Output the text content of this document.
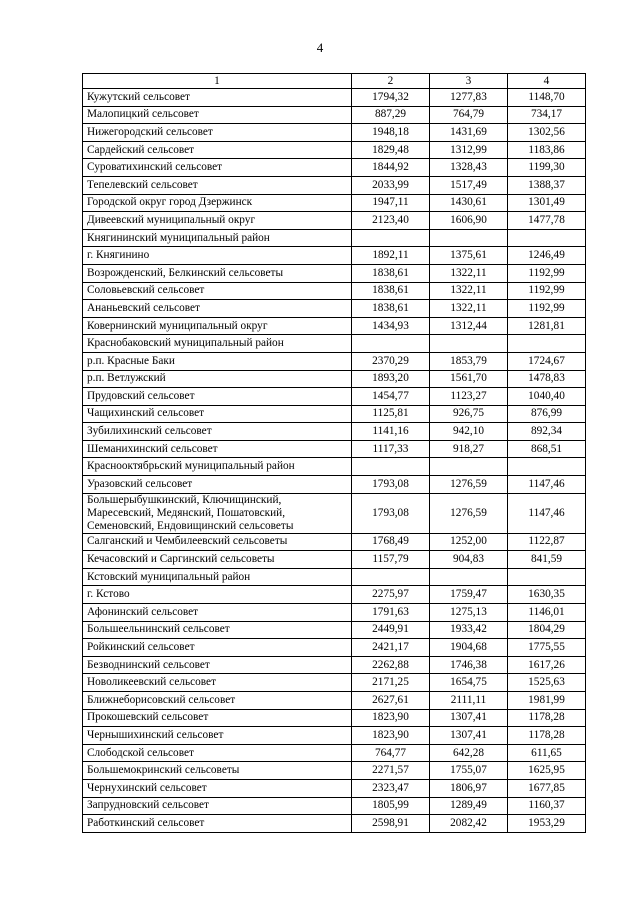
4
1	2	3	4
Кужутский сельсовет	1794,32	1277,83	1148,70
Малопицкий сельсовет	887,29	764,79	734,17
Нижегородский сельсовет	1948,18	1431,69	1302,56
Сардейский сельсовет	1829,48	1312,99	1183,86
Суроватихинский сельсовет	1844,92	1328,43	1199,30
Тепелевский сельсовет	2033,99	1517,49	1388,37
Городской округ город Дзержинск	1947,11	1430,61	1301,49
Дивеевский муниципальный округ	2123,40	1606,90	1477,78
Княгининский муниципальный район			
г. Княгинино	1892,11	1375,61	1246,49
Возрожденский, Белкинский сельсоветы	1838,61	1322,11	1192,99
Соловьевский сельсовет	1838,61	1322,11	1192,99
Ананьевский сельсовет	1838,61	1322,11	1192,99
Ковернинский муниципальный округ	1434,93	1312,44	1281,81
Краснобаковский муниципальный район			
р.п. Красные Баки	2370,29	1853,79	1724,67
р.п. Ветлужский	1893,20	1561,70	1478,83
Прудовский сельсовет	1454,77	1123,27	1040,40
Чащихинский сельсовет	1125,81	926,75	876,99
Зубилихинский сельсовет	1141,16	942,10	892,34
Шеманихинский сельсовет	1117,33	918,27	868,51
Краснооктябрьский муниципальный район			
Уразовский сельсовет	1793,08	1276,59	1147,46
Большерыбушкинский, Ключищинский, Маресевский, Медянский, Пошатовский, Семеновский, Ендовищинский сельсоветы	1793,08	1276,59	1147,46
Салганский и Чембилеевский сельсоветы	1768,49	1252,00	1122,87
Кечасовский и Саргинский сельсоветы	1157,79	904,83	841,59
Кстовский муниципальный район			
г. Кстово	2275,97	1759,47	1630,35
Афонинский сельсовет	1791,63	1275,13	1146,01
Большеельнинский сельсовет	2449,91	1933,42	1804,29
Ройкинский сельсовет	2421,17	1904,68	1775,55
Безводнинский сельсовет	2262,88	1746,38	1617,26
Новоликеевский сельсовет	2171,25	1654,75	1525,63
Ближнеборисовский сельсовет	2627,61	2111,11	1981,99
Прокошевский сельсовет	1823,90	1307,41	1178,28
Чернышихинский сельсовет	1823,90	1307,41	1178,28
Слободской сельсовет	764,77	642,28	611,65
Большемокринский сельсоветы	2271,57	1755,07	1625,95
Чернухинский сельсовет	2323,47	1806,97	1677,85
Запрудновский сельсовет	1805,99	1289,49	1160,37
Работкинский сельсовет	2598,91	2082,42	1953,29
